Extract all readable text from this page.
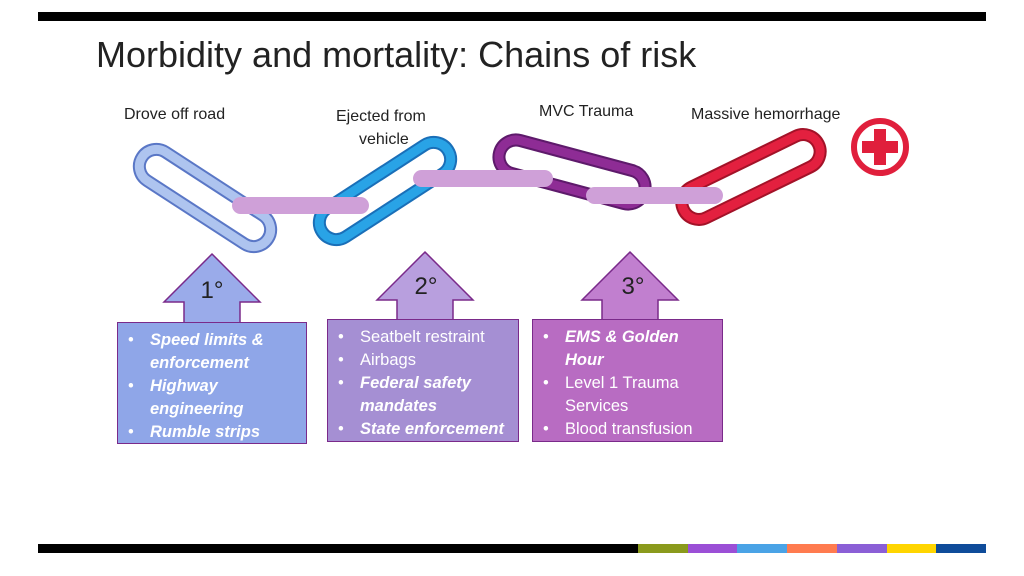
Morbidity and mortality: Chains of risk
Drove off road	Ejected from
vehicle
MVC Trauma	Massive hemorrhage
1°	2°	3°
• Speed limits & enforcement
• Highway engineering
• Rumble strips
• Seatbelt restraint
• Airbags
• Federal safety mandates
• State enforcement
• EMS & Golden Hour
• Level 1 Trauma Services
• Blood transfusion
